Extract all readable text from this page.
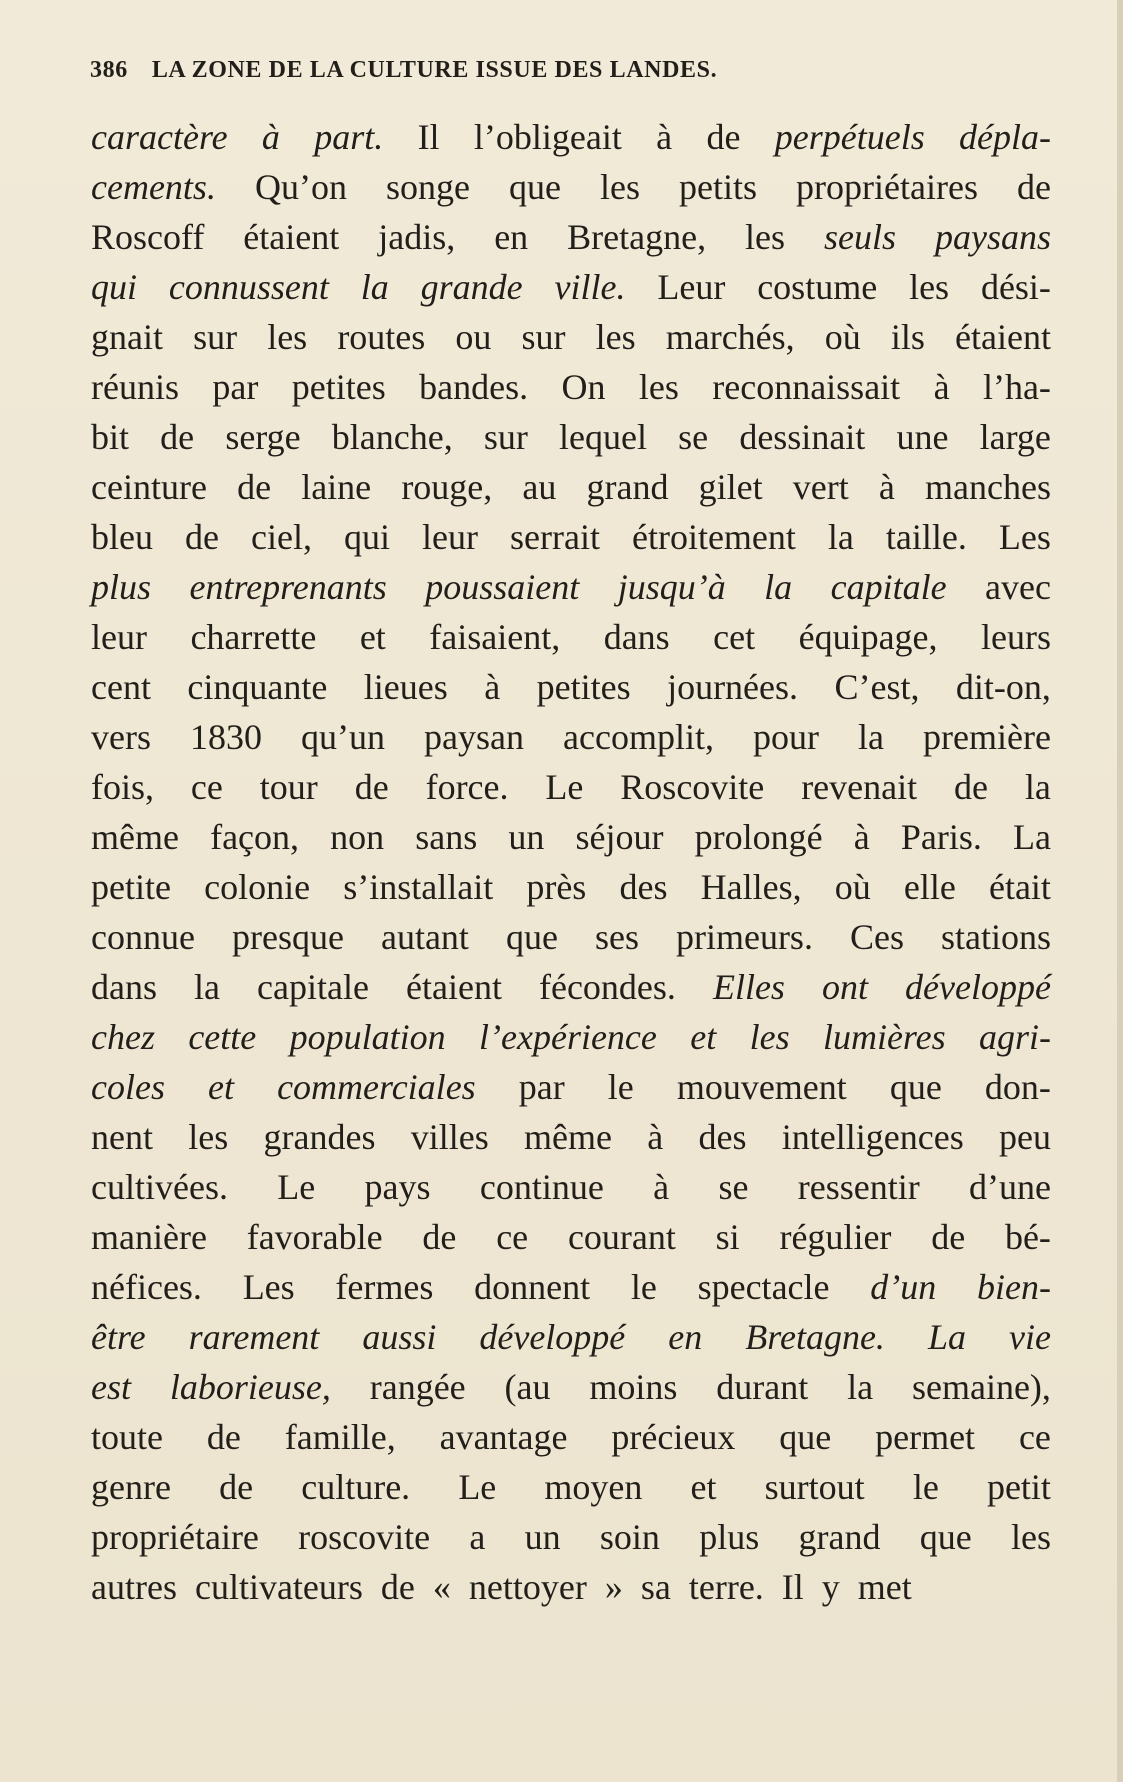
386 LA ZONE DE LA CULTURE ISSUE DES LANDES.
caractère à part. Il l’obligeait à de perpétuels dépla-
cements. Qu’on songe que les petits propriétaires de
Roscoff étaient jadis, en Bretagne, les seuls paysans
qui connussent la grande ville. Leur costume les dési-
gnait sur les routes ou sur les marchés, où ils étaient
réunis par petites bandes. On les reconnaissait à l’ha-
bit de serge blanche, sur lequel se dessinait une large
ceinture de laine rouge, au grand gilet vert à manches
bleu de ciel, qui leur serrait étroitement la taille. Les
plus entreprenants poussaient jusqu’à la capitale avec
leur charrette et faisaient, dans cet équipage, leurs
cent cinquante lieues à petites journées. C’est, dit-on,
vers 1830 qu’un paysan accomplit, pour la première
fois, ce tour de force. Le Roscovite revenait de la
même façon, non sans un séjour prolongé à Paris. La
petite colonie s’installait près des Halles, où elle était
connue presque autant que ses primeurs. Ces stations
dans la capitale étaient fécondes. Elles ont développé
chez cette population l’expérience et les lumières agri-
coles et commerciales par le mouvement que don-
nent les grandes villes même à des intelligences peu
cultivées. Le pays continue à se ressentir d’une
manière favorable de ce courant si régulier de bé-
néfices. Les fermes donnent le spectacle d’un bien-
être rarement aussi développé en Bretagne. La vie
est laborieuse, rangée (au moins durant la semaine),
toute de famille, avantage précieux que permet ce
genre de culture. Le moyen et surtout le petit
propriétaire roscovite a un soin plus grand que les
autres cultivateurs de « nettoyer » sa terre. Il y met
